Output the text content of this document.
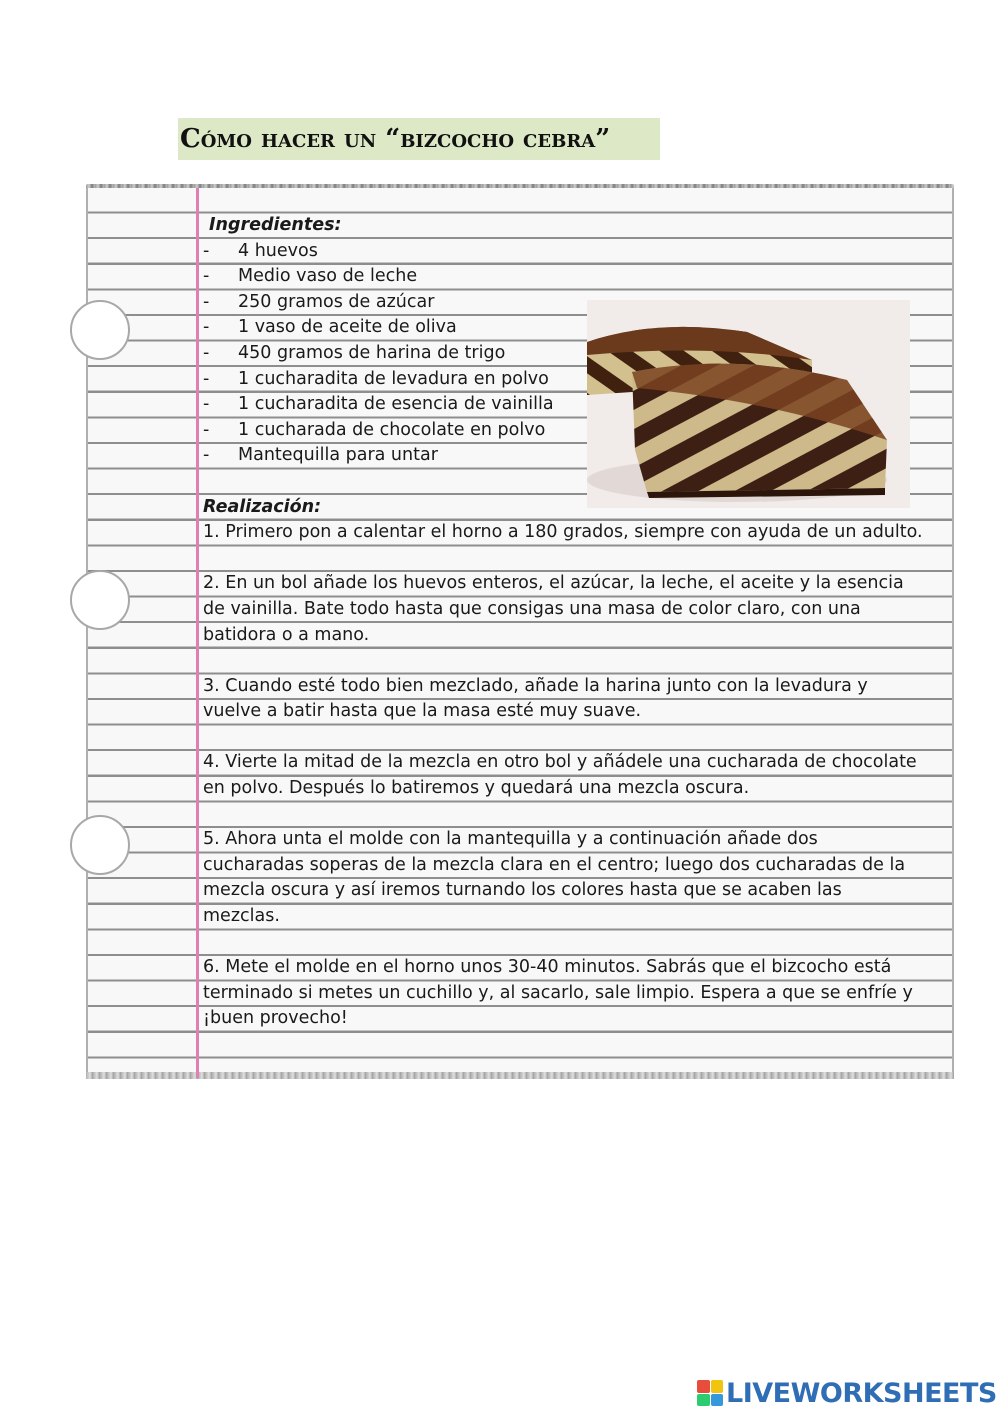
Cómo hacer un “bizcocho cebra”

Ingredientes:

-	4 huevos
-	Medio vaso de leche
-	250 gramos de azúcar
-	1 vaso de aceite de oliva
-	450 gramos de harina de trigo
-	1 cucharadita de levadura en polvo
-	1 cucharadita de esencia de vainilla
-	1 cucharada de chocolate en polvo
-	Mantequilla para untar

Realización:

1. Primero pon a calentar el horno a 180 grados, siempre con ayuda de un adulto.

2. En un bol añade los huevos enteros, el azúcar, la leche, el aceite y la esencia de vainilla. Bate todo hasta que consigas una masa de color claro, con una batidora o a mano.

3. Cuando esté todo bien mezclado, añade la harina junto con la levadura y vuelve a batir hasta que la masa esté muy suave.

4. Vierte la mitad de la mezcla en otro bol y añádele una cucharada de chocolate en polvo. Después lo batiremos y quedará una mezcla oscura.

5. Ahora unta el molde con la mantequilla y a continuación añade dos cucharadas soperas de la mezcla clara en el centro; luego dos cucharadas de la mezcla oscura y así iremos turnando los colores hasta que se acaben las mezclas.

6. Mete el molde en el horno unos 30-40 minutos. Sabrás que el bizcocho está terminado si metes un cuchillo y, al sacarlo, sale limpio. Espera a que se enfríe y ¡buen provecho!

LIVEWORKSHEETS
